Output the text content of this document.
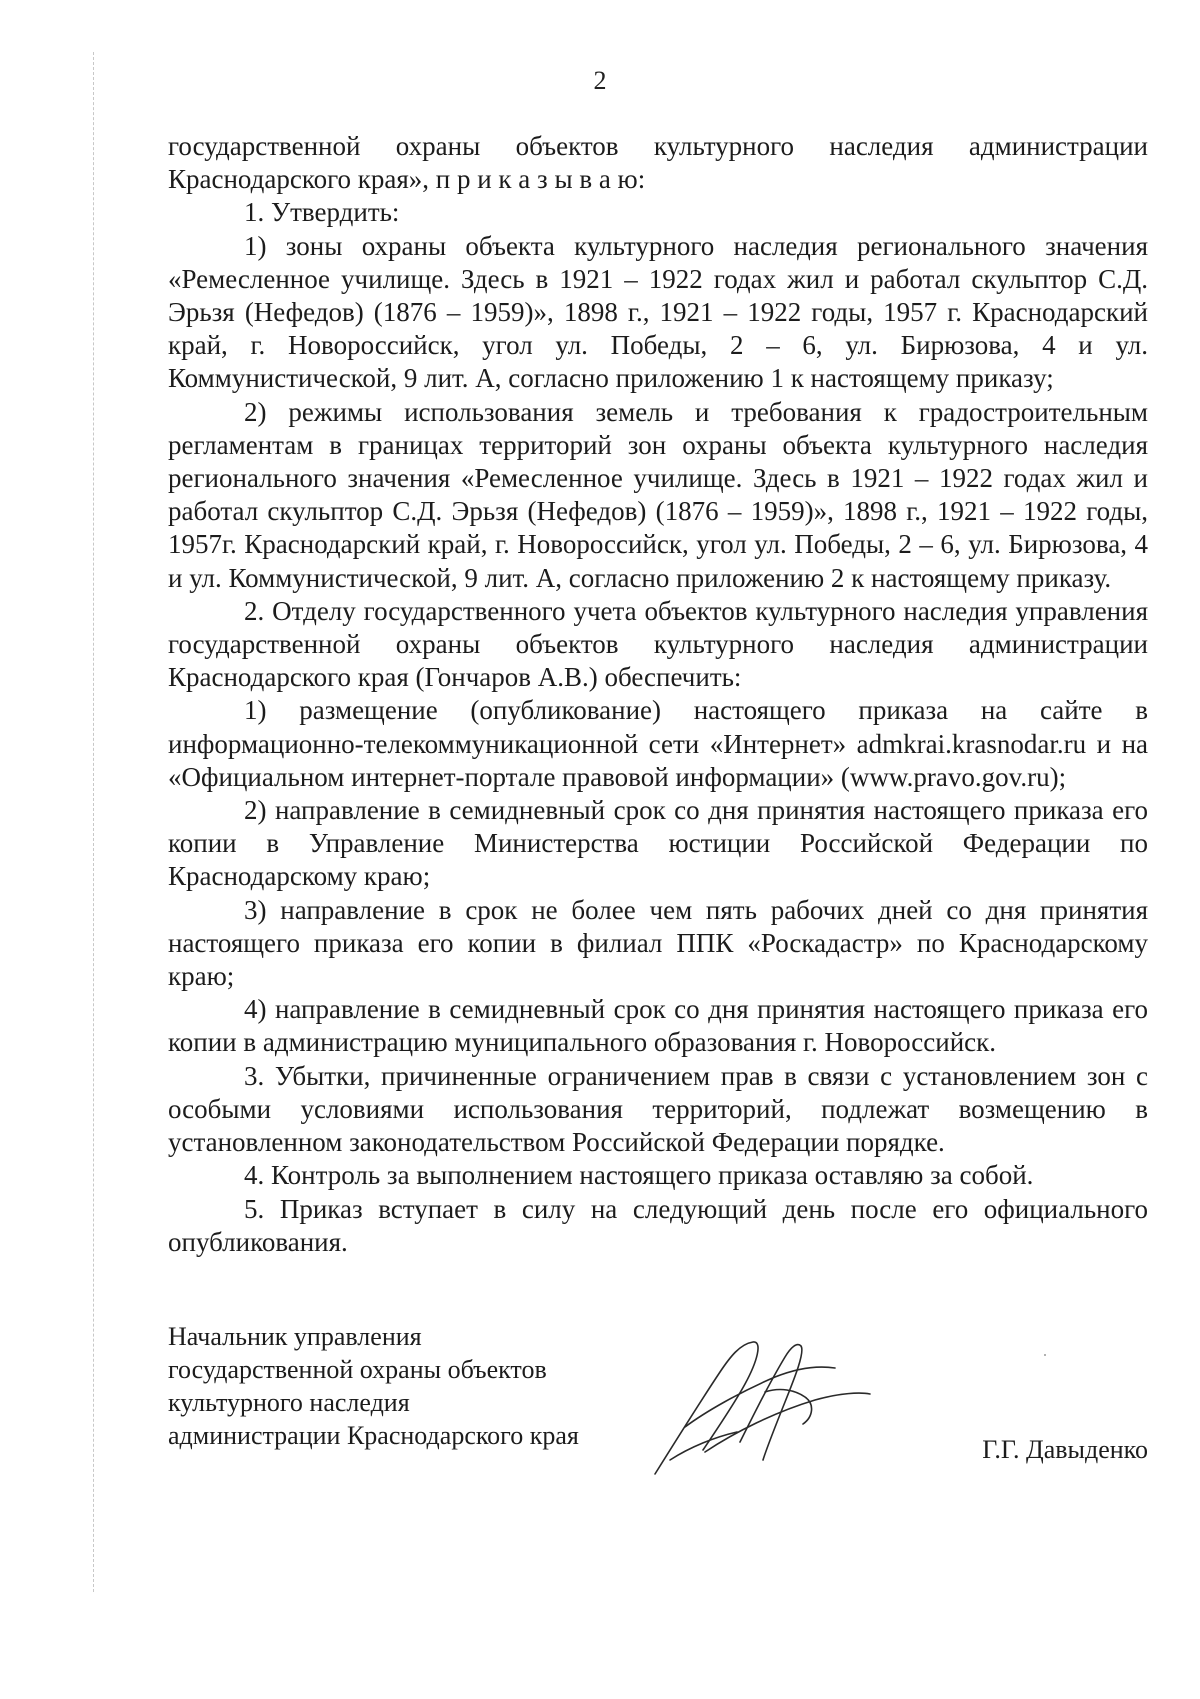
2

государственной охраны объектов культурного наследия администрации Краснодарского края», п р и к а з ы в а ю:

1. Утвердить:

1) зоны охраны объекта культурного наследия регионального значения «Ремесленное училище. Здесь в 1921 – 1922 годах жил и работал скульптор С.Д. Эрьзя (Нефедов) (1876 – 1959)», 1898 г., 1921 – 1922 годы, 1957 г. Краснодарский край, г. Новороссийск, угол ул. Победы, 2 – 6, ул. Бирюзова, 4 и ул. Коммунистической, 9 лит. А, согласно приложению 1 к настоящему приказу;

2) режимы использования земель и требования к градостроительным регламентам в границах территорий зон охраны объекта культурного наследия регионального значения «Ремесленное училище. Здесь в 1921 – 1922 годах жил и работал скульптор С.Д. Эрьзя (Нефедов) (1876 – 1959)», 1898 г., 1921 – 1922 годы, 1957г. Краснодарский край, г. Новороссийск, угол ул. Победы, 2 – 6, ул. Бирюзова, 4 и ул. Коммунистической, 9 лит. А, согласно приложению 2 к настоящему приказу.

2. Отделу государственного учета объектов культурного наследия управления государственной охраны объектов культурного наследия администрации Краснодарского края (Гончаров А.В.) обеспечить:

1) размещение (опубликование) настоящего приказа на сайте в информационно-телекоммуникационной сети «Интернет» admkrai.krasnodar.ru и на «Официальном интернет-портале правовой информации» (www.pravo.gov.ru);

2) направление в семидневный срок со дня принятия настоящего приказа его копии в Управление Министерства юстиции Российской Федерации по Краснодарскому краю;

3) направление в срок не более чем пять рабочих дней со дня принятия настоящего приказа его копии в филиал ППК «Роскадастр» по Краснодарскому краю;

4) направление в семидневный срок со дня принятия настоящего приказа его копии в администрацию муниципального образования г. Новороссийск.

3. Убытки, причиненные ограничением прав в связи с установлением зон с особыми условиями использования территорий, подлежат возмещению в установленном законодательством Российской Федерации порядке.

4. Контроль за выполнением настоящего приказа оставляю за собой.

5. Приказ вступает в силу на следующий день после его официального опубликования.

Начальник управления
государственной охраны объектов
культурного наследия
администрации Краснодарского края	Г.Г. Давыденко
